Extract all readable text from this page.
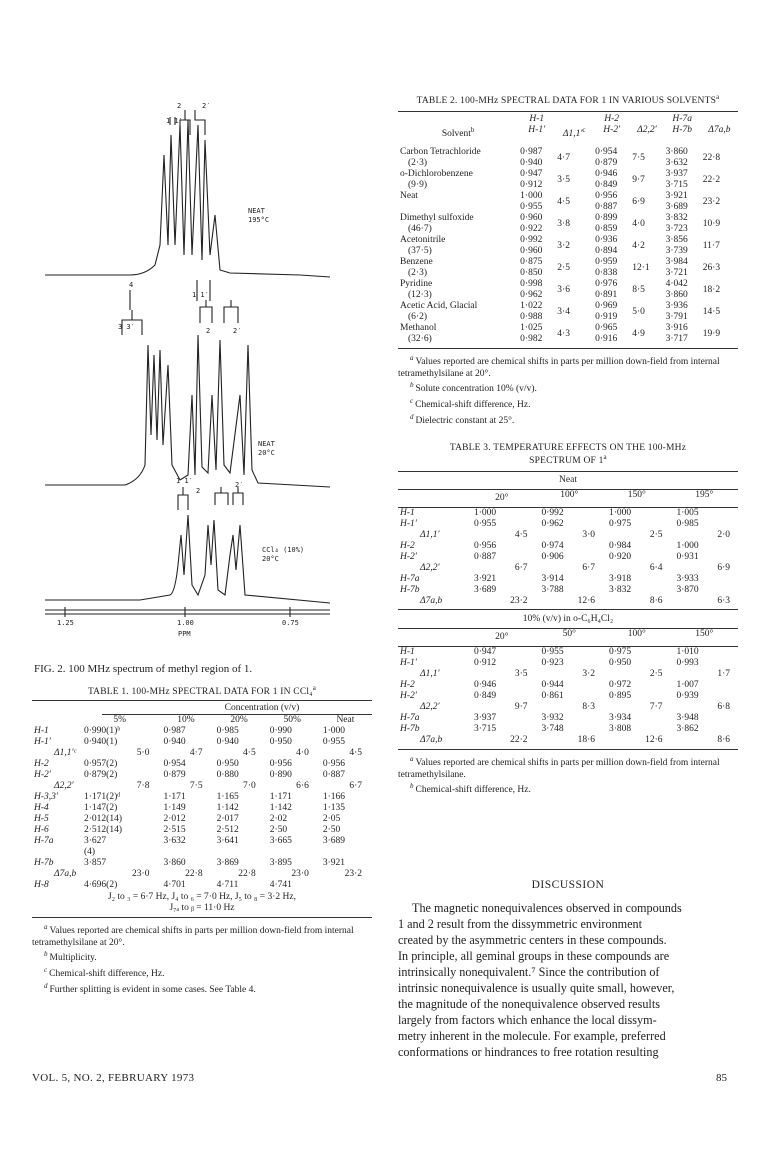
2	2′
1 1′
NEAT
195°C
NEAT
20°C
CCl₄ (10%)
20°C
4
3 3′
1 1′
2	2′
1 1′
2
2′
1.25	1.00	0.75
PPM
FIG. 2. 100 MHz spectrum of methyl region of 1.
TABLE 1. 100-MHz SPECTRAL DATA FOR 1 IN CCl₄$^a$
Concentration (v/v)
	5%	10%	20%	50%	Neat
H-1	0·990(1)ᵇ	0·987	0·985	0·990	1·000
H-1′	0·940(1)	0·940	0·940	0·950	0·955
Δ1,1′ᶜ	5·0	4·7	4·5	4·0	4·5
H-2	0·957(2)	0·954	0·950	0·956	0·956
H-2′	0·879(2)	0·879	0·880	0·890	0·887
Δ2,2′	7·8	7·5	7·0	6·6	6·7
H-3,3′	1·171(2)ᵈ	1·171	1·165	1·171	1·166
H-4	1·147(2)	1·149	1·142	1·142	1·135
H-5	2·012(14)	2·012	2·017	2·02	2·05
H-6	2·512(14)	2·515	2·512	2·50	2·50
H-7a	3·627	3·632	3·641	3·665	3·689
	(4)				
H-7b	3·857	3·860	3·869	3·895	3·921
Δ7a,b	23·0	22·8	22·8	23·0	23·2
H-8	4·696(2)	4·701	4·711	4·741	
J₂ to ₃ = 6·7 Hz, J₄ to ₆ = 7·0 Hz, J₅ to ₈ = 3·2 Hz,
J₇ₐ to ᵦ = 11·0 Hz
$^a$ Values reported are chemical shifts in parts per million down-field from internal tetramethylsilane at 20°.
$^b$ Multiplicity.
$^c$ Chemical-shift difference, Hz.
$^d$ Further splitting is evident in some cases. See Table 4.
TABLE 2. 100-MHz SPECTRAL DATA FOR 1 IN VARIOUS SOLVENTS$^a$
	H-1		H-2		H-7a	
Solvent$^b$	H-1′	$\Delta 1,1'^c$	H-2′	Δ2,2′	H-7b	Δ7a,b
Carbon Tetrachloride	0·987	4·7	0·954	7·5	3·860	22·8
(2·3)	0·940		0·879		3·632	
o-Dichlorobenzene	0·947	3·5	0·946	9·7	3·937	22·2
(9·9)	0·912		0·849		3·715	
Neat	1·000	4·5	0·956	6·9	3·921	23·2
	0·955		0·887		3·689	
Dimethyl sulfoxide	0·960	3·8	0·899	4·0	3·832	10·9
(46·7)	0·922		0·859		3·723	
Acetonitrile	0·992	3·2	0·936	4·2	3·856	11·7
(37·5)	0·960		0·894		3·739	
Benzene	0·875	2·5	0·959	12·1	3·984	26·3
(2·3)	0·850		0·838		3·721	
Pyridine	0·998	3·6	0·976	8·5	4·042	18·2
(12·3)	0·962		0·891		3·860	
Acetic Acid, Glacial	1·022	3·4	0·969	5·0	3·936	14·5
(6·2)	0·988		0·919		3·791	
Methanol	1·025	4·3	0·965	4·9	3·916	19·9
(32·6)	0·982		0·916		3·717	
$^a$ Values reported are chemical shifts in parts per million down-field from internal tetramethylsilane at 20°.
$^b$ Solute concentration 10% (v/v).
$^c$ Chemical-shift difference, Hz.
$^d$ Dielectric constant at 25°.
TABLE 3. TEMPERATURE EFFECTS ON THE 100-MHz
SPECTRUM OF 1$^a$
Neat
	20°	100°	150°	195°
H-1	1·000	0·992	1·000	1·005
H-1′	0·955	0·962	0·975	0·985
Δ1,1′	4·5	3·0	2·5	2·0
H-2	0·956	0·974	0·984	1·000
H-2′	0·887	0·906	0·920	0·931
Δ2,2′	6·7	6·7	6·4	6·9
H-7a	3·921	3·914	3·918	3·933
H-7b	3·689	3·788	3·832	3·870
Δ7a,b	23·2	12·6	8·6	6·3
10% (v/v) in o-C₆H₄Cl₂
	20°	50°	100°	150°
H-1	0·947	0·955	0·975	1·010
H-1′	0·912	0·923	0·950	0·993
Δ1,1′	3·5	3·2	2·5	1·7
H-2	0·946	0·944	0·972	1·007
H-2′	0·849	0·861	0·895	0·939
Δ2,2′	9·7	8·3	7·7	6·8
H-7a	3·937	3·932	3·934	3·948
H-7b	3·715	3·748	3·808	3·862
Δ7a,b	22·2	18·6	12·6	8·6
$^a$ Values reported are chemical shifts in parts per million down-field from internal tetramethylsilane.
$^b$ Chemical-shift difference, Hz.
DISCUSSION
The magnetic nonequivalences observed in compounds
1 and 2 result from the dissymmetric environment
created by the asymmetric centers in these compounds.
In principle, all geminal groups in these compounds are
intrinsically nonequivalent.⁷ Since the contribution of
intrinsic nonequivalence is usually quite small, however,
the magnitude of the nonequivalence observed results
largely from factors which enhance the local dissym-
metry inherent in the molecule. For example, preferred
conformations or hindrances to free rotation resulting
VOL. 5, NO. 2, FEBRUARY 1973	85
